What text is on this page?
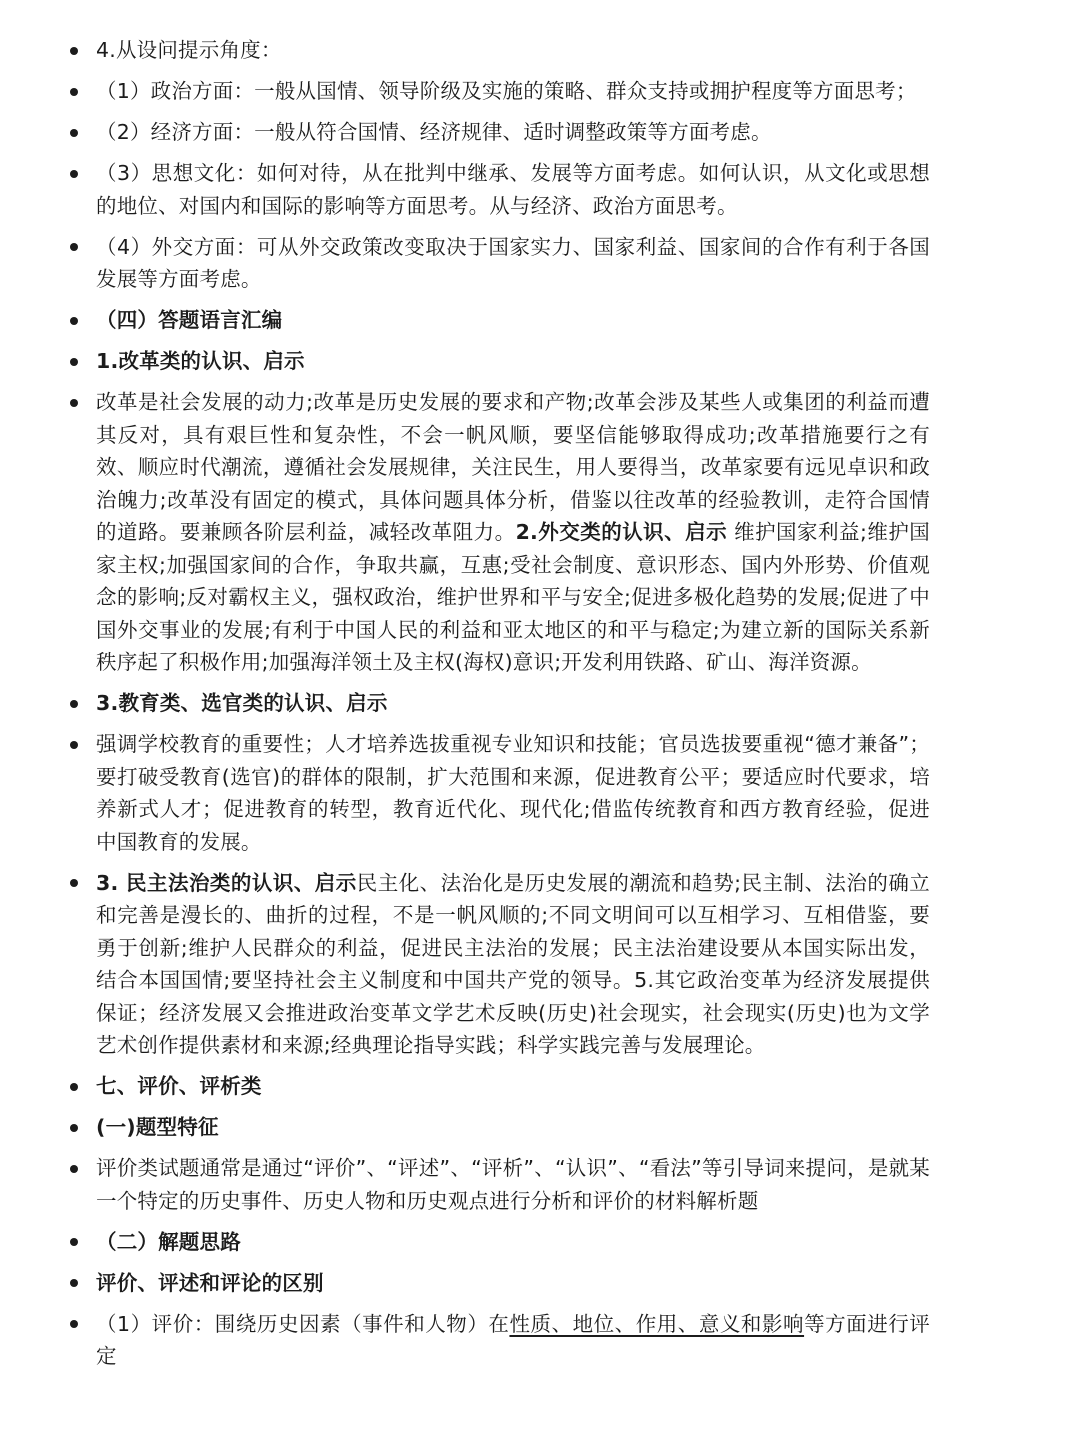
4.从设问提示角度：
（1）政治方面：一般从国情、领导阶级及实施的策略、群众支持或拥护程度等方面思考；
（2）经济方面：一般从符合国情、经济规律、适时调整政策等方面考虑。
（3）思想文化：如何对待，从在批判中继承、发展等方面考虑。如何认识，从文化或思想的地位、对国内和国际的影响等方面思考。从与经济、政治方面思考。
（4）外交方面：可从外交政策改变取决于国家实力、国家利益、国家间的合作有利于各国发展等方面考虑。
（四）答题语言汇编
1.改革类的认识、启示
改革是社会发展的动力;改革是历史发展的要求和产物;改革会涉及某些人或集团的利益而遭其反对，具有艰巨性和复杂性，不会一帆风顺，要坚信能够取得成功;改革措施要行之有效、顺应时代潮流，遵循社会发展规律，关注民生，用人要得当，改革家要有远见卓识和政治魄力;改革没有固定的模式，具体问题具体分析，借鉴以往改革的经验教训，走符合国情的道路。要兼顾各阶层利益，减轻改革阻力。2.外交类的认识、启示 维护国家利益;维护国家主权;加强国家间的合作，争取共赢，互惠;受社会制度、意识形态、国内外形势、价值观念的影响;反对霸权主义，强权政治，维护世界和平与安全;促进多极化趋势的发展;促进了中国外交事业的发展;有利于中国人民的利益和亚太地区的和平与稳定;为建立新的国际关系新秩序起了积极作用;加强海洋领土及主权(海权)意识;开发利用铁路、矿山、海洋资源。
3.教育类、选官类的认识、启示
强调学校教育的重要性；人才培养选拔重视专业知识和技能；官员选拔要重视“德才兼备”；要打破受教育(选官)的群体的限制，扩大范围和来源，促进教育公平；要适应时代要求，培养新式人才；促进教育的转型，教育近代化、现代化;借监传统教育和西方教育经验，促进中国教育的发展。
3. 民主法治类的认识、启示民主化、法治化是历史发展的潮流和趋势;民主制、法治的确立和完善是漫长的、曲折的过程，不是一帆风顺的;不同文明间可以互相学习、互相借鉴，要勇于创新;维护人民群众的利益，促进民主法治的发展；民主法治建设要从本国实际出发，结合本国国情;要坚持社会主义制度和中国共产党的领导。5.其它政治变革为经济发展提供保证；经济发展又会推进政治变革文学艺术反映(历史)社会现实，社会现实(历史)也为文学艺术创作提供素材和来源;经典理论指导实践；科学实践完善与发展理论。
七、评价、评析类
(一)题型特征
评价类试题通常是通过“评价”、“评述”、“评析”、“认识”、“看法”等引导词来提问，是就某一个特定的历史事件、历史人物和历史观点进行分析和评价的材料解析题
（二）解题思路
评价、评述和评论的区别
（1）评价：围绕历史因素（事件和人物）在性质、地位、作用、意义和影响等方面进行评定
